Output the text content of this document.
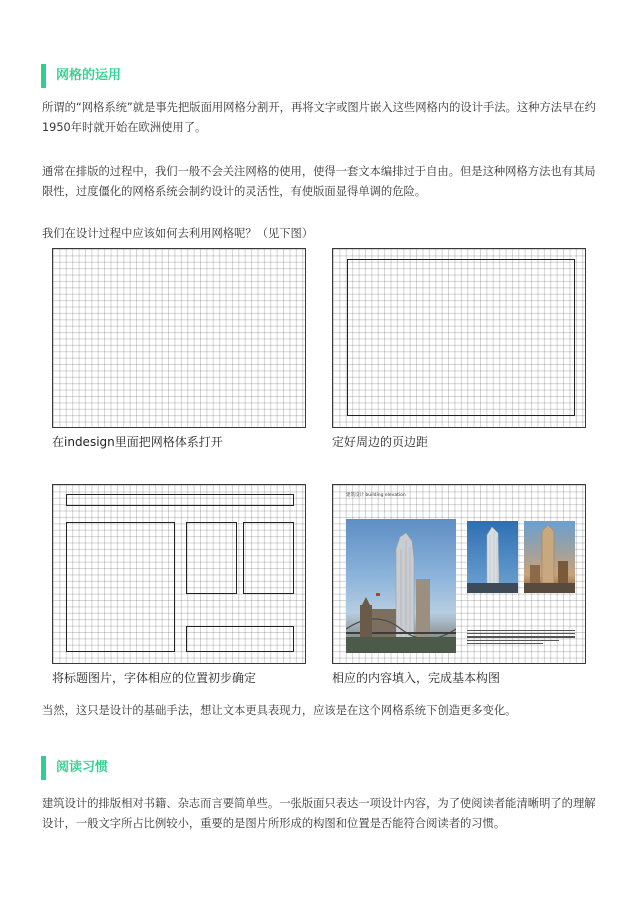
网格的运用

所谓的“网格系统”就是事先把版面用网格分割开，再将文字或图片嵌入这些网格内的设计手法。这种方法早在约1950年时就开始在欧洲使用了。

通常在排版的过程中，我们一般不会关注网格的使用，使得一套文本编排过于自由。但是这种网格方法也有其局限性，过度僵化的网格系统会制约设计的灵活性，有使版面显得单调的危险。

我们在设计过程中应该如何去利用网格呢？（见下图）

在indesign里面把网格体系打开	定好周边的页边距
将标题图片，字体相应的位置初步确定
建筑设计 building elevation
相应的内容填入，完成基本构图

当然，这只是设计的基础手法，想让文本更具表现力，应该是在这个网格系统下创造更多变化。

阅读习惯

建筑设计的排版相对书籍、杂志而言要简单些。一张版面只表达一项设计内容，为了使阅读者能清晰明了的理解设计，一般文字所占比例较小，重要的是图片所形成的构图和位置是否能符合阅读者的习惯。
